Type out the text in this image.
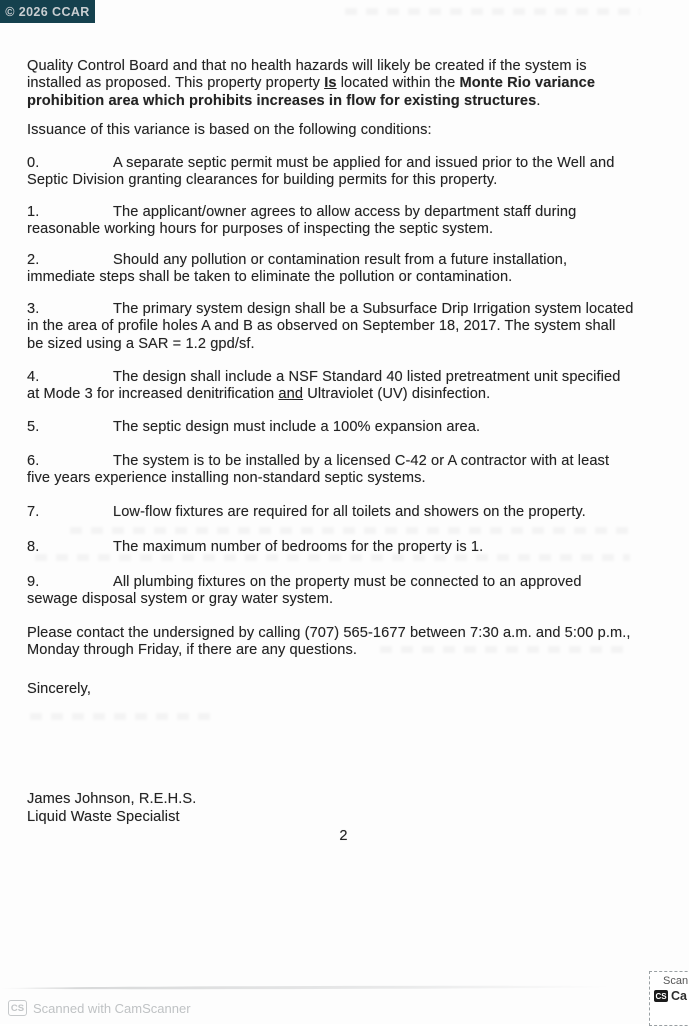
© 2026 CCAR

Quality Control Board and that no health hazards will likely be created if the system is installed as proposed. This property property Is located within the Monte Rio variance prohibition area which prohibits increases in flow for existing structures.

Issuance of this variance is based on the following conditions:

0.	A separate septic permit must be applied for and issued prior to the Well and Septic Division granting clearances for building permits for this property.

1.	The applicant/owner agrees to allow access by department staff during reasonable working hours for purposes of inspecting the septic system.

2.	Should any pollution or contamination result from a future installation, immediate steps shall be taken to eliminate the pollution or contamination.

3.	The primary system design shall be a Subsurface Drip Irrigation system located in the area of profile holes A and B as observed on September 18, 2017. The system shall be sized using a SAR = 1.2 gpd/sf.

4.	The design shall include a NSF Standard 40 listed pretreatment unit specified at Mode 3 for increased denitrification and Ultraviolet (UV) disinfection.

5.	The septic design must include a 100% expansion area.

6.	The system is to be installed by a licensed C-42 or A contractor with at least five years experience installing non-standard septic systems.

7.	Low-flow fixtures are required for all toilets and showers on the property.

8.	The maximum number of bedrooms for the property is 1.

9.	All plumbing fixtures on the property must be connected to an approved sewage disposal system or gray water system.

Please contact the undersigned by calling (707) 565-1677 between 7:30 a.m. and 5:00 p.m., Monday through Friday, if there are any questions.

Sincerely,

James Johnson, R.E.H.S.

Liquid Waste Specialist

2

CS Scanned with CamScanner
Scan
CS Ca
